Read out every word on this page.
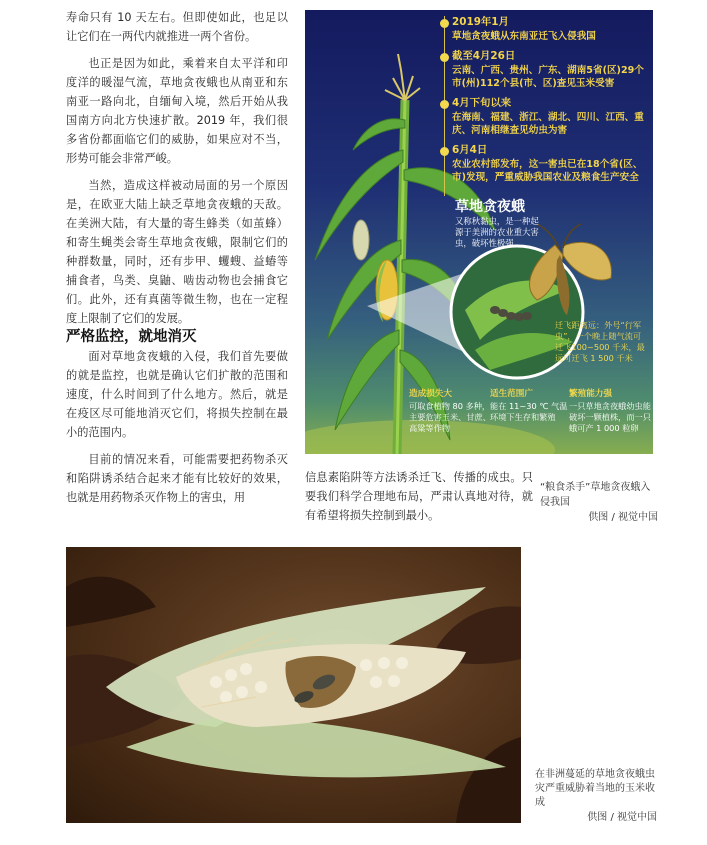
寿命只有 10 天左右。但即使如此，也足以让它们在一两代内就推进一两个省份。

也正是因为如此，乘着来自太平洋和印度洋的暖湿气流，草地贪夜蛾也从南亚和东南亚一路向北，自缅甸入境，然后开始从我国南方向北方快速扩散。2019 年，我们很多省份都面临它们的威胁，如果应对不当，形势可能会非常严峻。

当然，造成这样被动局面的另一个原因是，在欧亚大陆上缺乏草地贪夜蛾的天敌。在美洲大陆，有大量的寄生蜂类（如茧蜂）和寄生蝇类会寄生草地贪夜蛾，限制它们的种群数量，同时，还有步甲、蠼螋、益蝽等捕食者，鸟类、臭鼬、啮齿动物也会捕食它们。此外，还有真菌等微生物，也在一定程度上限制了它们的发展。

严格监控，就地消灭

面对草地贪夜蛾的入侵，我们首先要做的就是监控，也就是确认它们扩散的范围和速度，什么时间到了什么地方。然后，就是在疫区尽可能地消灭它们，将损失控制在最小的范围内。

目前的情况来看，可能需要把药物杀灭和陷阱诱杀结合起来才能有比较好的效果，也就是用药物杀灭作物上的害虫，用

2019年1月
草地贪夜蛾从东南亚迁飞入侵我国
截至4月26日
云南、广西、贵州、广东、湖南5省(区)29个市(州)112个县(市、区)查见玉米受害
4月下旬以来
在海南、福建、浙江、湖北、四川、江西、重庆、河南相继查见幼虫为害
6月4日
农业农村部发布，这一害虫已在18个省(区、市)发现，严重威胁我国农业及粮食生产安全
草地贪夜蛾
又称秋黏虫，是一种起源于美洲的农业重大害虫，破坏性极强
迁飞距离远：外号“行军虫”，一个晚上随气流可迁飞100~500 千米，最远可迁飞 1 500 千米
造成损失大
可取食植物 80 多种，主要危害玉米、甘蔗、高粱等作物
适生范围广
能在 11~30 ℃ 气温环境下生存和繁殖
繁殖能力强
一只草地贪夜蛾幼虫能破坏一颗植株，而一只蛾可产 1 000 粒卵
信息素陷阱等方法诱杀迁飞、传播的成虫。只要我们科学合理地布局，严肃认真地对待，就有希望将损失控制到最小。
“粮食杀手”草地贪夜蛾入侵我国
供图 / 视觉中国
在非洲蔓延的草地贪夜蛾虫灾严重威胁着当地的玉米收成
供图 / 视觉中国
